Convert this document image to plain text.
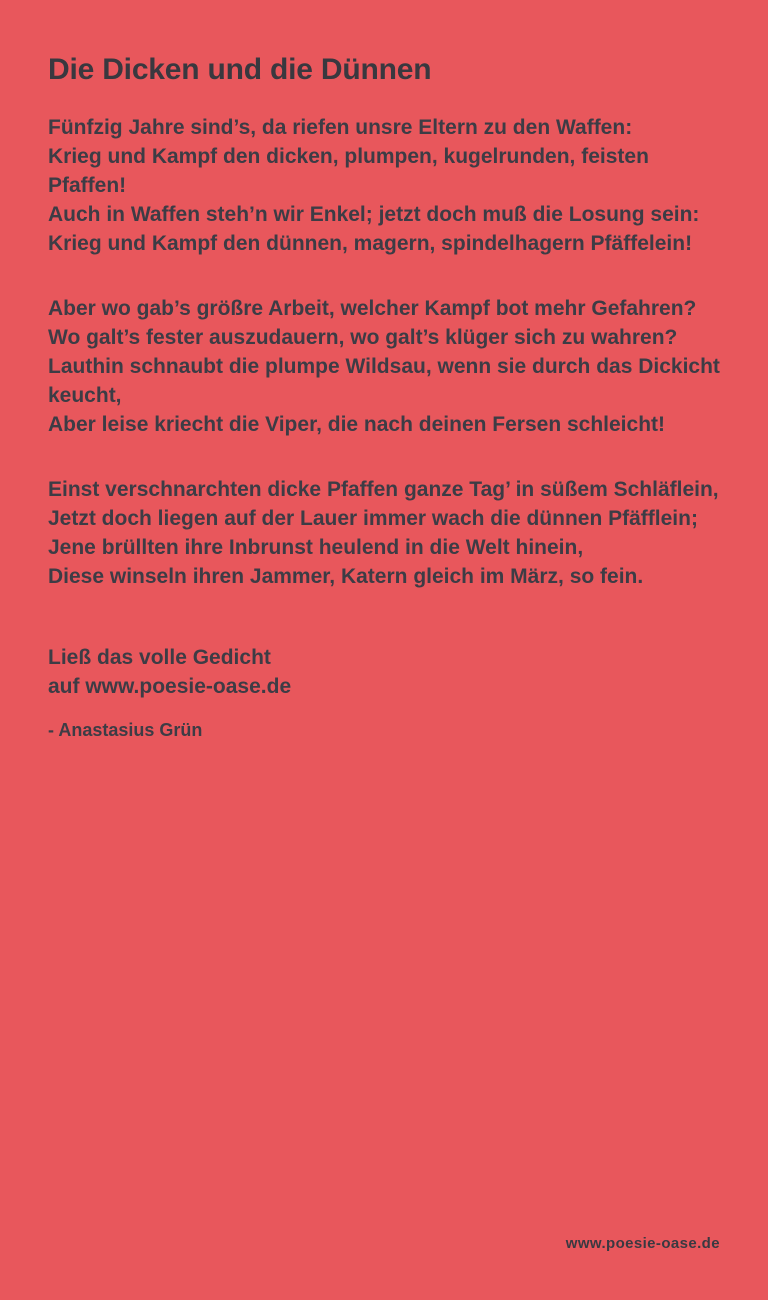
Die Dicken und die Dünnen
Fünfzig Jahre sind’s, da riefen unsre Eltern zu den Waffen:
Krieg und Kampf den dicken, plumpen, kugelrunden, feisten Pfaffen!
Auch in Waffen steh’n wir Enkel; jetzt doch muß die Losung sein:
Krieg und Kampf den dünnen, magern, spindelhagern Pfäffelein!
Aber wo gab’s größre Arbeit, welcher Kampf bot mehr Gefahren?
Wo galt’s fester auszudauern, wo galt’s klüger sich zu wahren?
Lauthin schnaubt die plumpe Wildsau, wenn sie durch das Dickicht keucht,
Aber leise kriecht die Viper, die nach deinen Fersen schleicht!
Einst verschnarchten dicke Pfaffen ganze Tag’ in süßem Schläflein,
Jetzt doch liegen auf der Lauer immer wach die dünnen Pfäfflein;
Jene brüllten ihre Inbrunst heulend in die Welt hinein,
Diese winseln ihren Jammer, Katern gleich im März, so fein.
Ließ das volle Gedicht
auf www.poesie-oase.de
- Anastasius Grün
www.poesie-oase.de
